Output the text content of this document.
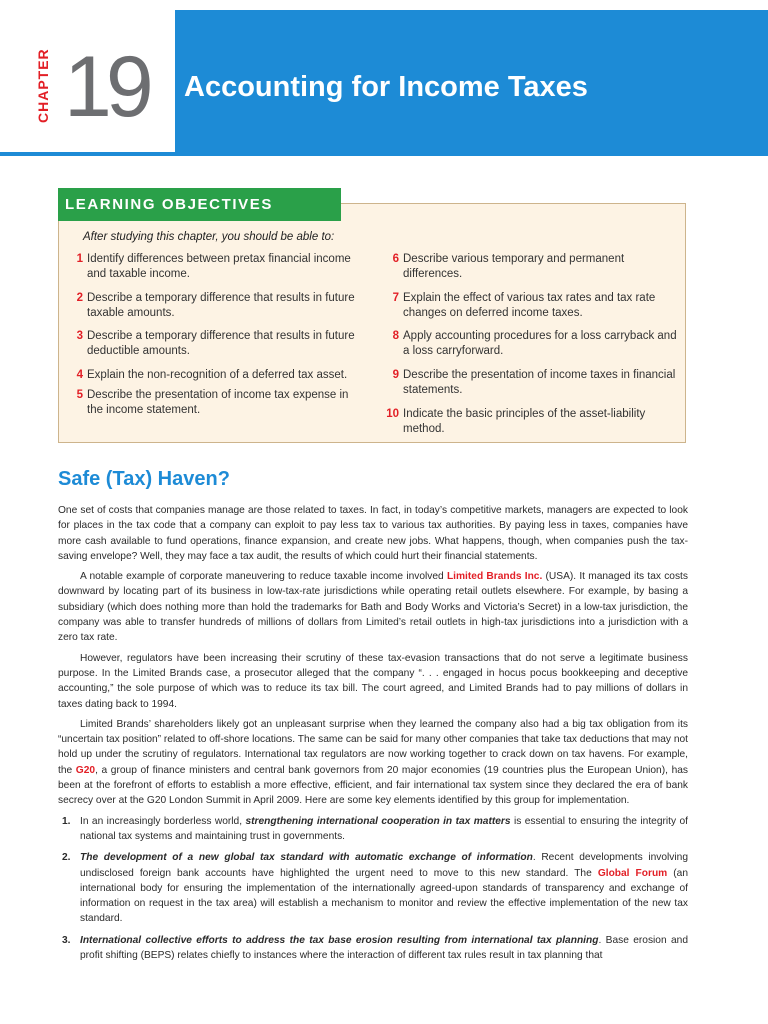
CHAPTER 19 Accounting for Income Taxes
LEARNING OBJECTIVES
After studying this chapter, you should be able to:
1 Identify differences between pretax financial income and taxable income.
2 Describe a temporary difference that results in future taxable amounts.
3 Describe a temporary difference that results in future deductible amounts.
4 Explain the non-recognition of a deferred tax asset.
5 Describe the presentation of income tax expense in the income statement.
6 Describe various temporary and permanent differences.
7 Explain the effect of various tax rates and tax rate changes on deferred income taxes.
8 Apply accounting procedures for a loss carryback and a loss carryforward.
9 Describe the presentation of income taxes in financial statements.
10 Indicate the basic principles of the asset-liability method.
Safe (Tax) Haven?

One set of costs that companies manage are those related to taxes. In fact, in today’s competitive markets, managers are expected to look for places in the tax code that a company can exploit to pay less tax to various tax authorities. By paying less in taxes, companies have more cash available to fund operations, finance expansion, and create new jobs. What happens, though, when companies push the tax-saving envelope? Well, they may face a tax audit, the results of which could hurt their financial statements.

A notable example of corporate maneuvering to reduce taxable income involved Limited Brands Inc. (USA). It managed its tax costs downward by locating part of its business in low-tax-rate jurisdictions while operating retail outlets elsewhere. For example, by basing a subsidiary (which does nothing more than hold the trademarks for Bath and Body Works and Victoria’s Secret) in a low-tax jurisdiction, the company was able to transfer hundreds of millions of dollars from Limited’s retail outlets in high-tax jurisdictions into a jurisdiction with a zero tax rate.

However, regulators have been increasing their scrutiny of these tax-evasion transactions that do not serve a legitimate business purpose. In the Limited Brands case, a prosecutor alleged that the company “. . . engaged in hocus pocus bookkeeping and deceptive accounting,” the sole purpose of which was to reduce its tax bill. The court agreed, and Limited Brands had to pay millions of dollars in taxes dating back to 1994.

Limited Brands’ shareholders likely got an unpleasant surprise when they learned the company also had a big tax obligation from its “uncertain tax position” related to off-shore locations. The same can be said for many other companies that take tax deductions that may not hold up under the scrutiny of regulators. International tax regulators are now working together to crack down on tax havens. For example, the G20, a group of finance ministers and central bank governors from 20 major economies (19 countries plus the European Union), has been at the forefront of efforts to establish a more effective, efficient, and fair international tax system since they declared the era of bank secrecy over at the G20 London Summit in April 2009. Here are some key elements identified by this group for implementation.

1. In an increasingly borderless world, strengthening international cooperation in tax matters is essential to ensuring the integrity of national tax systems and maintaining trust in governments.
2. The development of a new global tax standard with automatic exchange of information. Recent developments involving undisclosed foreign bank accounts have highlighted the urgent need to move to this new standard. The Global Forum (an international body for ensuring the implementation of the internationally agreed-upon standards of transparency and exchange of information on request in the tax area) will establish a mechanism to monitor and review the effective implementation of the new tax standard.
3. International collective efforts to address the tax base erosion resulting from international tax planning. Base erosion and profit shifting (BEPS) relates chiefly to instances where the interaction of different tax rules result in tax planning that
